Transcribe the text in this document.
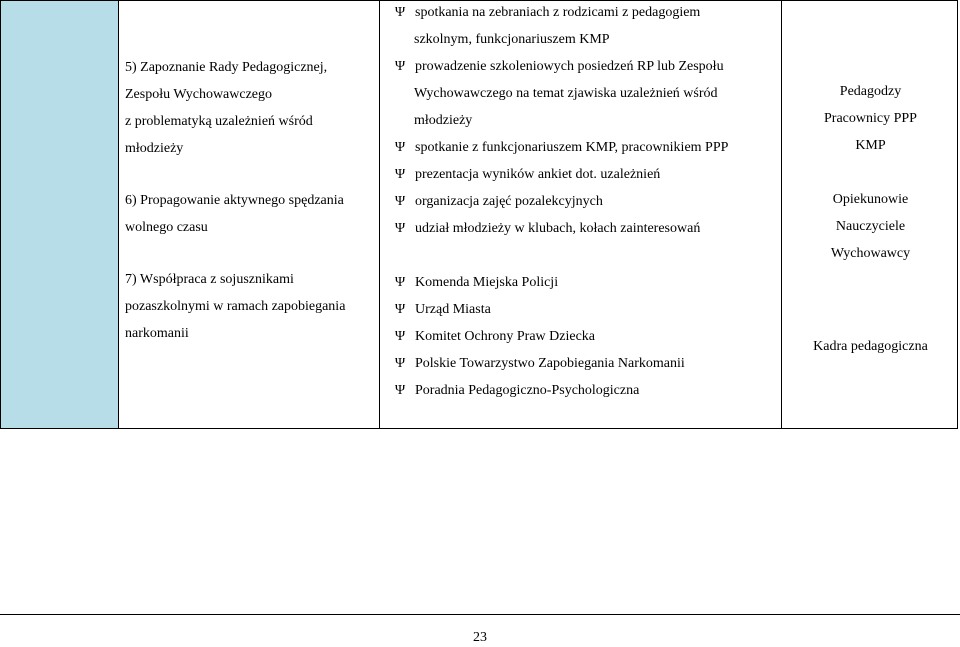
5) Zapoznanie Rady Pedagogicznej,
Zespołu Wychowawczego
z problematyką uzależnień wśród
młodzieży
6) Propagowanie aktywnego spędzania
wolnego czasu
7) Współpraca z sojusznikami
pozaszkolnymi w ramach zapobiegania
narkomanii
Ψ spotkania na zebraniach z rodzicami z pedagogiem
szkolnym, funkcjonariuszem KMP
Ψ prowadzenie szkoleniowych posiedzeń RP lub Zespołu
Wychowawczego na temat zjawiska uzależnień wśród
młodzieży
Ψ spotkanie z funkcjonariuszem KMP, pracownikiem PPP
Ψ prezentacja wyników ankiet dot. uzależnień
Ψ organizacja zajęć pozalekcyjnych
Ψ udział młodzieży w klubach, kołach zainteresowań
Ψ Komenda Miejska Policji
Ψ Urząd Miasta
Ψ Komitet Ochrony Praw Dziecka
Ψ Polskie Towarzystwo Zapobiegania Narkomanii
Ψ Poradnia Pedagogiczno-Psychologiczna
Pedagodzy
Pracownicy PPP
KMP
Opiekunowie
Nauczyciele
Wychowawcy
Kadra pedagogiczna
23
